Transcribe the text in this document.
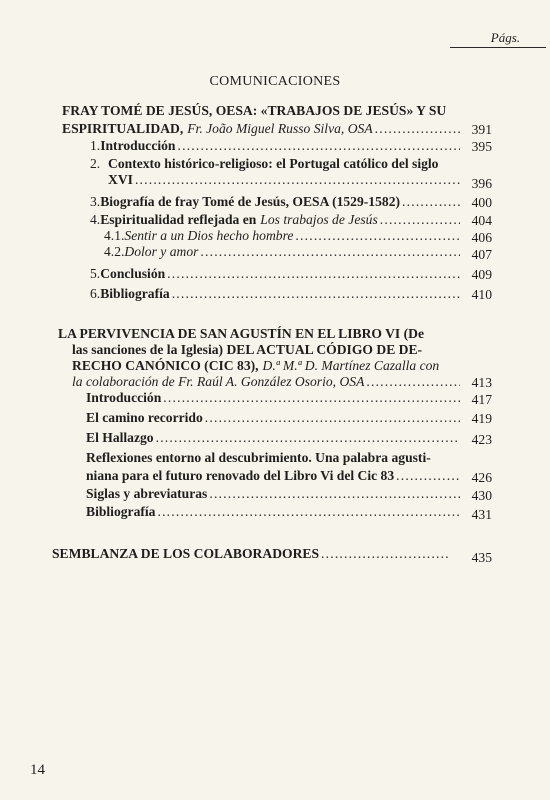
Págs.
COMUNICACIONES
FRAY TOMÉ DE JESÚS, OESA: «TRABAJOS DE JESÚS» Y SU
ESPIRITUALIDAD, Fr. João Miguel Russo Silva, OSA .....	391
1. Introducción .....	395
2. Contexto histórico-religioso: el Portugal católico del siglo
XVI .....	396
3. Biografía de fray Tomé de Jesús, OESA (1529-1582) .....	400
4. Espiritualidad reflejada en Los trabajos de Jesús .....	404
4.1. Sentir a un Dios hecho hombre .....	406
4.2. Dolor y amor .....	407
5. Conclusión .....	409
6. Bibliografía .....	410
LA PERVIVENCIA DE SAN AGUSTÍN EN EL LIBRO VI (De
las sanciones de la Iglesia) DEL ACTUAL CÓDIGO DE DE-
RECHO CANÓNICO (CIC 83), D.ª M.ª D. Martínez Cazalla con
la colaboración de Fr. Raúl A. González Osorio, OSA .....	413
Introducción .....	417
El camino recorrido .....	419
El Hallazgo .....	423
Reflexiones entorno al descubrimiento. Una palabra agusti-
niana para el futuro renovado del Libro Vi del Cic 83 .....	426
Siglas y abreviaturas .....	430
Bibliografía .....	431
SEMBLANZA DE LOS COLABORADORES .....	435
14
